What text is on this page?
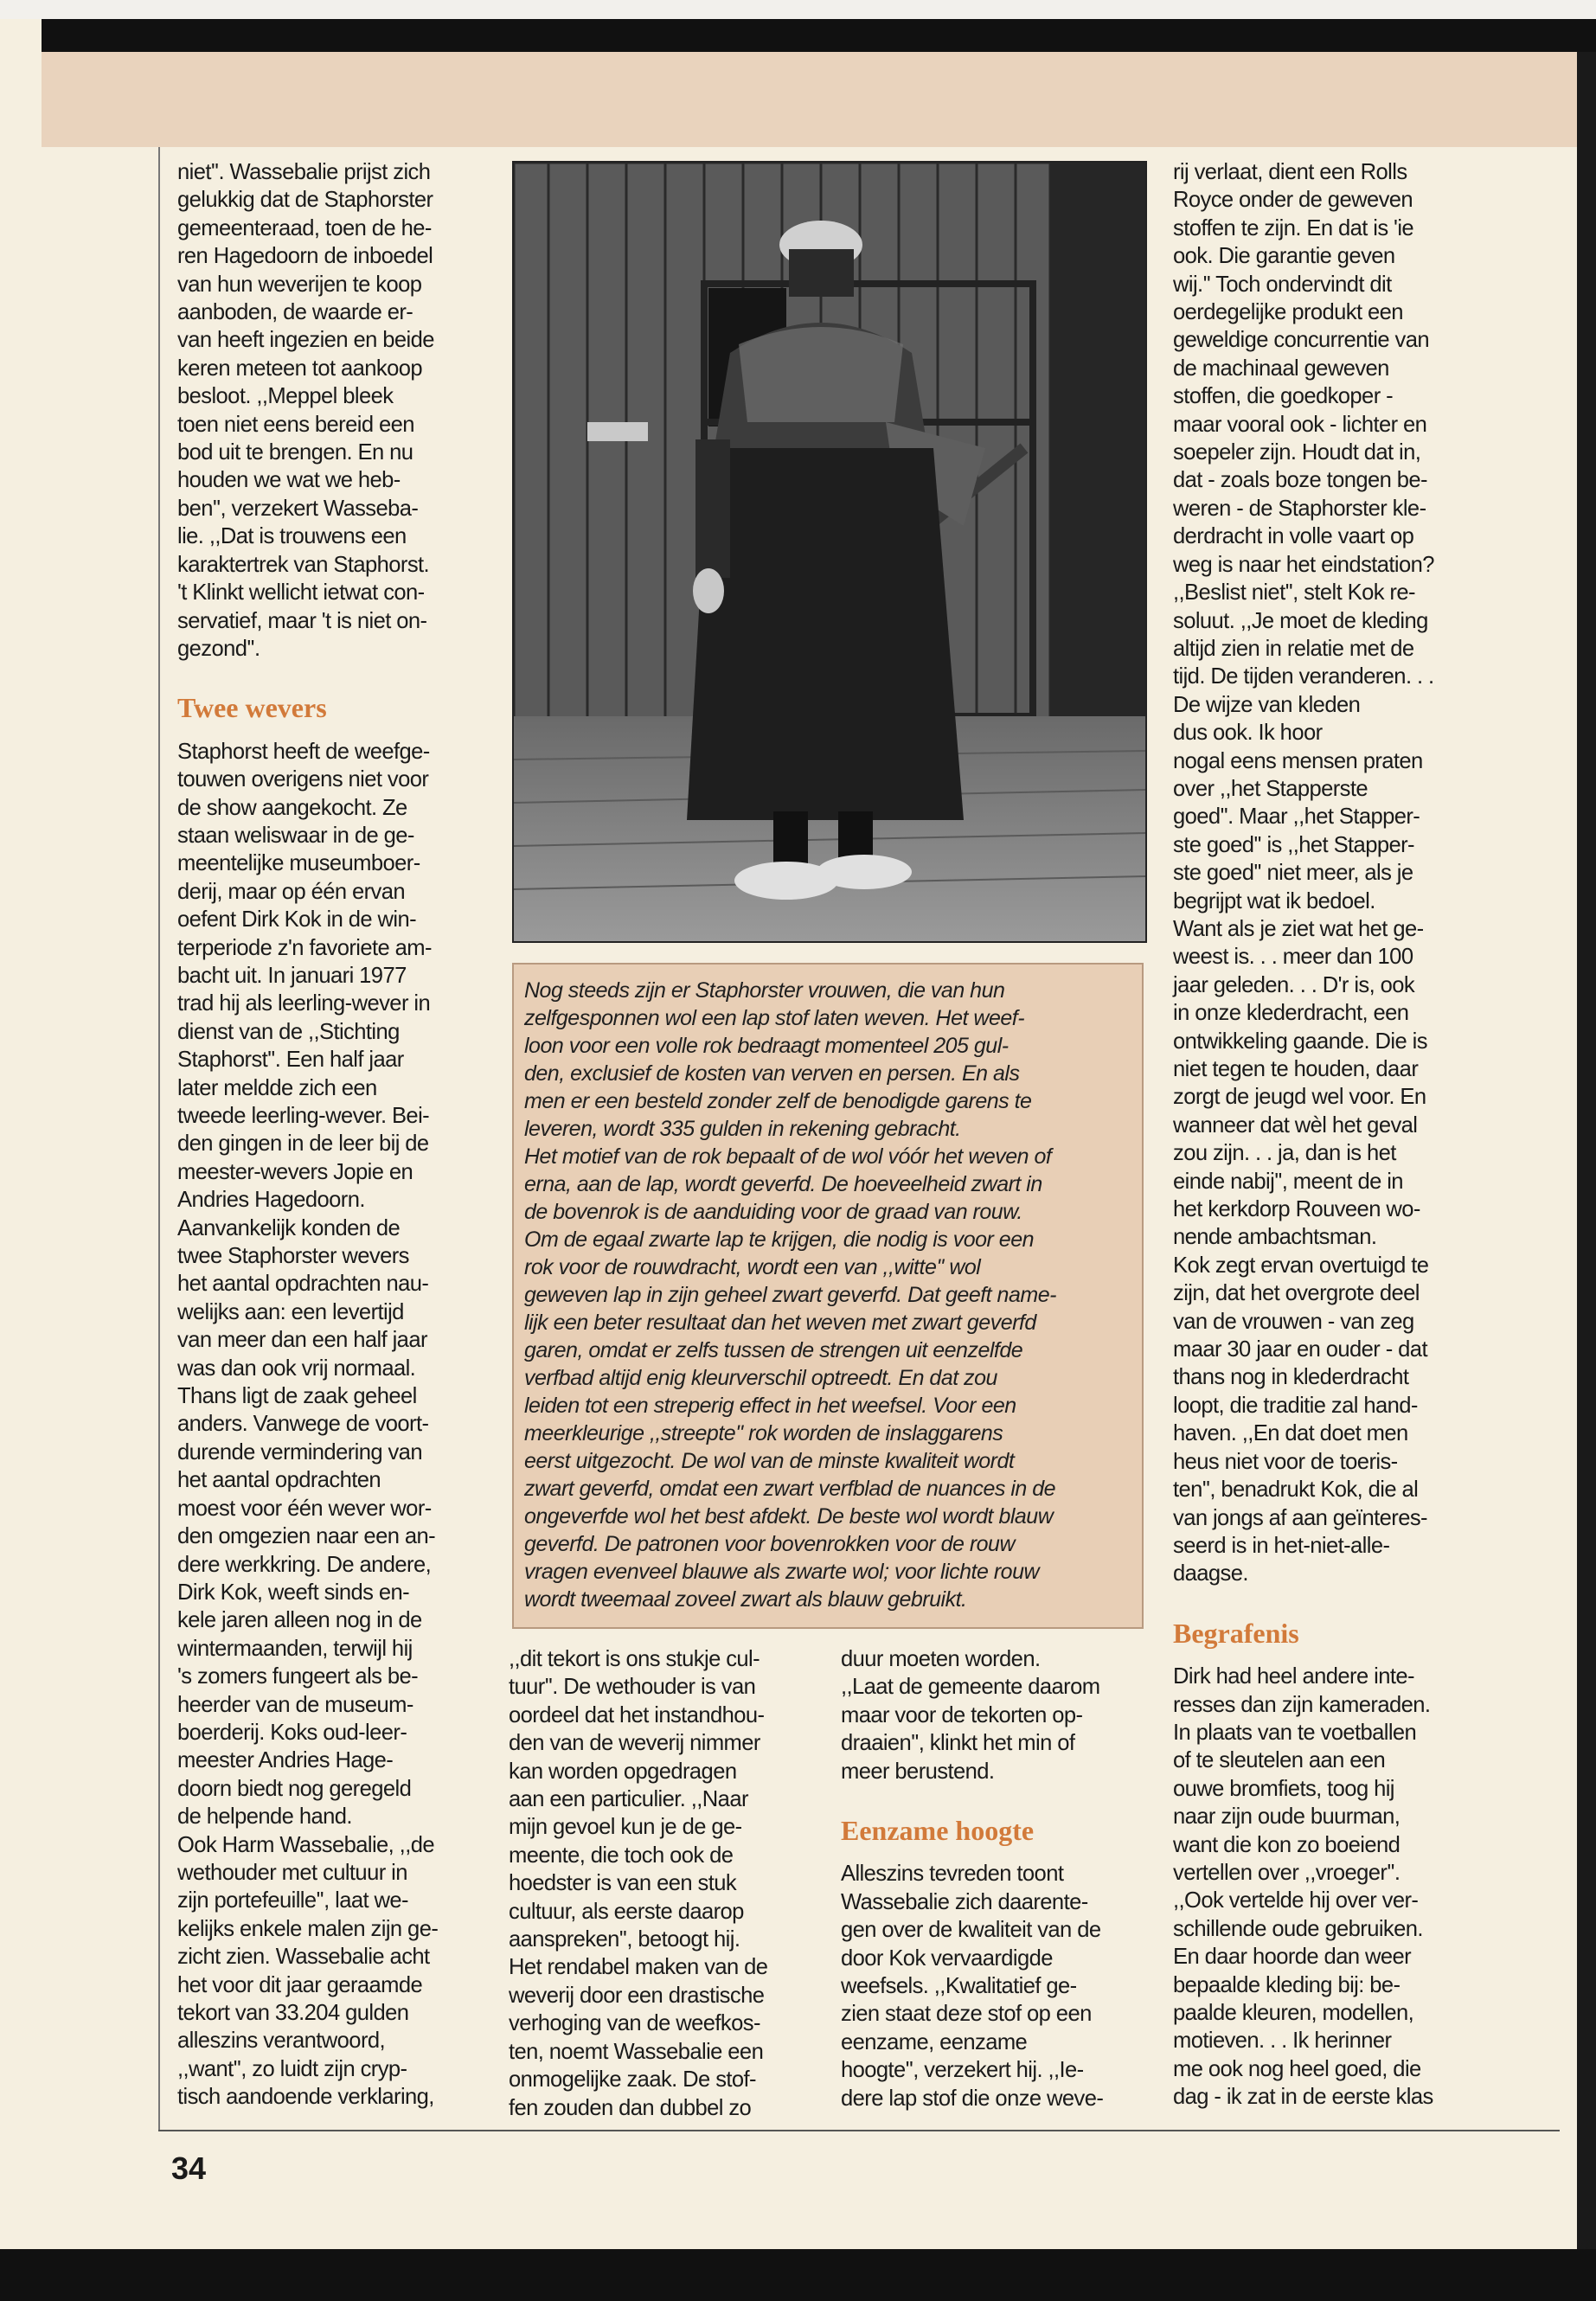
niet''. Wassebalie prijst zich
gelukkig dat de Staphorster
gemeenteraad, toen de he-
ren Hagedoorn de inboedel
van hun weverijen te koop
aanboden, de waarde er-
van heeft ingezien en beide
keren meteen tot aankoop
besloot. ,,Meppel bleek
toen niet eens bereid een
bod uit te brengen. En nu
houden we wat we heb-
ben'', verzekert Wasseba-
lie. ,,Dat is trouwens een
karaktertrek van Staphorst.
't Klinkt wellicht ietwat con-
servatief, maar 't is niet on-
gezond''.

Twee wevers

Staphorst heeft de weefge-
touwen overigens niet voor
de show aangekocht. Ze
staan weliswaar in de ge-
meentelijke museumboer-
derij, maar op één ervan
oefent Dirk Kok in de win-
terperiode z'n favoriete am-
bacht uit. In januari 1977
trad hij als leerling-wever in
dienst van de ,,Stichting
Staphorst''. Een half jaar
later meldde zich een
tweede leerling-wever. Bei-
den gingen in de leer bij de
meester-wevers Jopie en
Andries Hagedoorn.
Aanvankelijk konden de
twee Staphorster wevers
het aantal opdrachten nau-
welijks aan: een levertijd
van meer dan een half jaar
was dan ook vrij normaal.
Thans ligt de zaak geheel
anders. Vanwege de voort-
durende vermindering van
het aantal opdrachten
moest voor één wever wor-
den omgezien naar een an-
dere werkkring. De andere,
Dirk Kok, weeft sinds en-
kele jaren alleen nog in de
wintermaanden, terwijl hij
's zomers fungeert als be-
heerder van de museum-
boerderij. Koks oud-leer-
meester Andries Hage-
doorn biedt nog geregeld
de helpende hand.
Ook Harm Wassebalie, ,,de
wethouder met cultuur in
zijn portefeuille'', laat we-
kelijks enkele malen zijn ge-
zicht zien. Wassebalie acht
het voor dit jaar geraamde
tekort van 33.204 gulden
alleszins verantwoord,
,,want'', zo luidt zijn cryp-
tisch aandoende verklaring,

Nog steeds zijn er Staphorster vrouwen, die van hun
zelfgesponnen wol een lap stof laten weven. Het weef-
loon voor een volle rok bedraagt momenteel 205 gul-
den, exclusief de kosten van verven en persen. En als
men er een besteld zonder zelf de benodigde garens te
leveren, wordt 335 gulden in rekening gebracht.
Het motief van de rok bepaalt of de wol vóór het weven of
erna, aan de lap, wordt geverfd. De hoeveelheid zwart in
de bovenrok is de aanduiding voor de graad van rouw.
Om de egaal zwarte lap te krijgen, die nodig is voor een
rok voor de rouwdracht, wordt een van ,,witte'' wol
geweven lap in zijn geheel zwart geverfd. Dat geeft name-
lijk een beter resultaat dan het weven met zwart geverfd
garen, omdat er zelfs tussen de strengen uit eenzelfde
verfbad altijd enig kleurverschil optreedt. En dat zou
leiden tot een streperig effect in het weefsel. Voor een
meerkleurige ,,streepte'' rok worden de inslaggarens
eerst uitgezocht. De wol van de minste kwaliteit wordt
zwart geverfd, omdat een zwart verfblad de nuances in de
ongeverfde wol het best afdekt. De beste wol wordt blauw
geverfd. De patronen voor bovenrokken voor de rouw
vragen evenveel blauwe als zwarte wol; voor lichte rouw
wordt tweemaal zoveel zwart als blauw gebruikt.

,,dit tekort is ons stukje cul-
tuur''. De wethouder is van
oordeel dat het instandhou-
den van de weverij nimmer
kan worden opgedragen
aan een particulier. ,,Naar
mijn gevoel kun je de ge-
meente, die toch ook de
hoedster is van een stuk
cultuur, als eerste daarop
aanspreken'', betoogt hij.
Het rendabel maken van de
weverij door een drastische
verhoging van de weefkos-
ten, noemt Wassebalie een
onmogelijke zaak. De stof-
fen zouden dan dubbel zo

duur moeten worden.
,,Laat de gemeente daarom
maar voor de tekorten op-
draaien'', klinkt het min of
meer berustend.

Eenzame hoogte

Alleszins tevreden toont
Wassebalie zich daarente-
gen over de kwaliteit van de
door Kok vervaardigde
weefsels. ,,Kwalitatief ge-
zien staat deze stof op een
eenzame, eenzame
hoogte'', verzekert hij. ,,Ie-
dere lap stof die onze weve-

rij verlaat, dient een Rolls
Royce onder de geweven
stoffen te zijn. En dat is 'ie
ook. Die garantie geven
wij.'' Toch ondervindt dit
oerdegelijke produkt een
geweldige concurrentie van
de machinaal geweven
stoffen, die goedkoper -
maar vooral ook - lichter en
soepeler zijn. Houdt dat in,
dat - zoals boze tongen be-
weren - de Staphorster kle-
derdracht in volle vaart op
weg is naar het eindstation?
,,Beslist niet'', stelt Kok re-
soluut. ,,Je moet de kleding
altijd zien in relatie met de
tijd. De tijden veranderen. . .
De wijze van kleden
dus ook. Ik hoor
nogal eens mensen praten
over ,,het Stapperste
goed''. Maar ,,het Stapper-
ste goed'' is ,,het Stapper-
ste goed'' niet meer, als je
begrijpt wat ik bedoel.
Want als je ziet wat het ge-
weest is. . . meer dan 100
jaar geleden. . . D'r is, ook
in onze klederdracht, een
ontwikkeling gaande. Die is
niet tegen te houden, daar
zorgt de jeugd wel voor. En
wanneer dat wèl het geval
zou zijn. . . ja, dan is het
einde nabij'', meent de in
het kerkdorp Rouveen wo-
nende ambachtsman.
Kok zegt ervan overtuigd te
zijn, dat het overgrote deel
van de vrouwen - van zeg
maar 30 jaar en ouder - dat
thans nog in klederdracht
loopt, die traditie zal hand-
haven. ,,En dat doet men
heus niet voor de toeris-
ten'', benadrukt Kok, die al
van jongs af aan geïnteres-
seerd is in het-niet-alle-
daagse.

Begrafenis

Dirk had heel andere inte-
resses dan zijn kameraden.
In plaats van te voetballen
of te sleutelen aan een
ouwe bromfiets, toog hij
naar zijn oude buurman,
want die kon zo boeiend
vertellen over ,,vroeger''.
,,Ook vertelde hij over ver-
schillende oude gebruiken.
En daar hoorde dan weer
bepaalde kleding bij: be-
paalde kleuren, modellen,
motieven. . . Ik herinner
me ook nog heel goed, die
dag - ik zat in de eerste klas

34
